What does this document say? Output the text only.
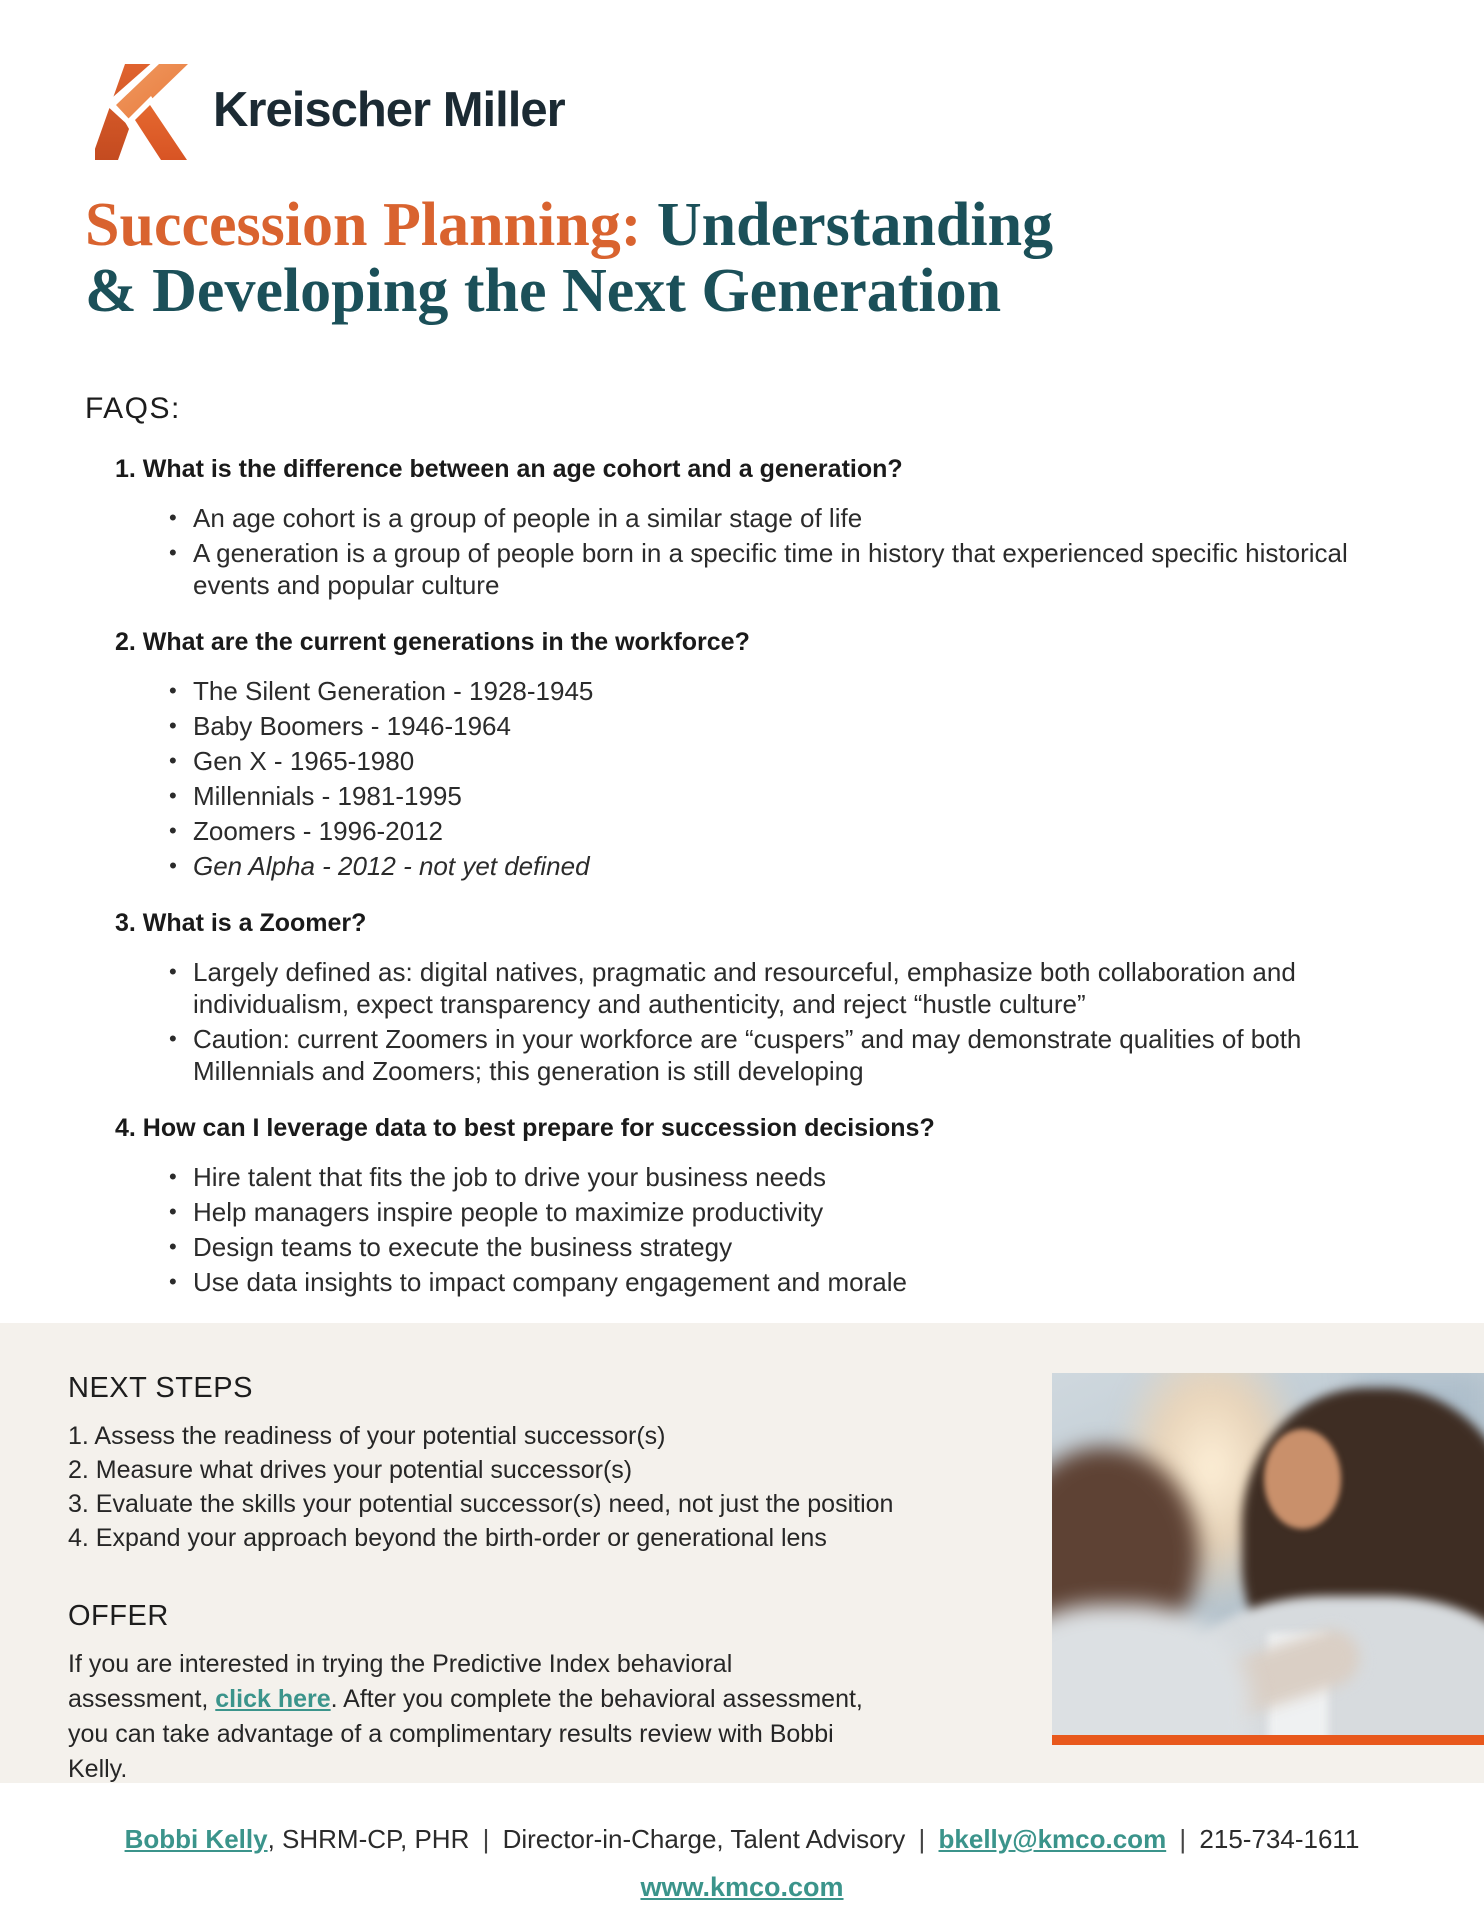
Kreischer Miller
Succession Planning: Understanding
& Developing the Next Generation
FAQS:
1. What is the difference between an age cohort and a generation?
• An age cohort is a group of people in a similar stage of life
• A generation is a group of people born in a specific time in history that experienced specific historical events and popular culture
2. What are the current generations in the workforce?
• The Silent Generation - 1928-1945
• Baby Boomers - 1946-1964
• Gen X - 1965-1980
• Millennials - 1981-1995
• Zoomers - 1996-2012
• Gen Alpha - 2012 - not yet defined
3. What is a Zoomer?
• Largely defined as: digital natives, pragmatic and resourceful, emphasize both collaboration and individualism, expect transparency and authenticity, and reject “hustle culture”
• Caution: current Zoomers in your workforce are “cuspers” and may demonstrate qualities of both Millennials and Zoomers; this generation is still developing
4. How can I leverage data to best prepare for succession decisions?
• Hire talent that fits the job to drive your business needs
• Help managers inspire people to maximize productivity
• Design teams to execute the business strategy
• Use data insights to impact company engagement and morale
NEXT STEPS
1. Assess the readiness of your potential successor(s)
2. Measure what drives your potential successor(s)
3. Evaluate the skills your potential successor(s) need, not just the position
4. Expand your approach beyond the birth-order or generational lens
OFFER

If you are interested in trying the Predictive Index behavioral assessment, click here. After you complete the behavioral assessment, you can take advantage of a complimentary results review with Bobbi Kelly.

Bobbi Kelly, SHRM-CP, PHR | Director-in-Charge, Talent Advisory | bkelly@kmco.com | 215-734-1611
www.kmco.com
